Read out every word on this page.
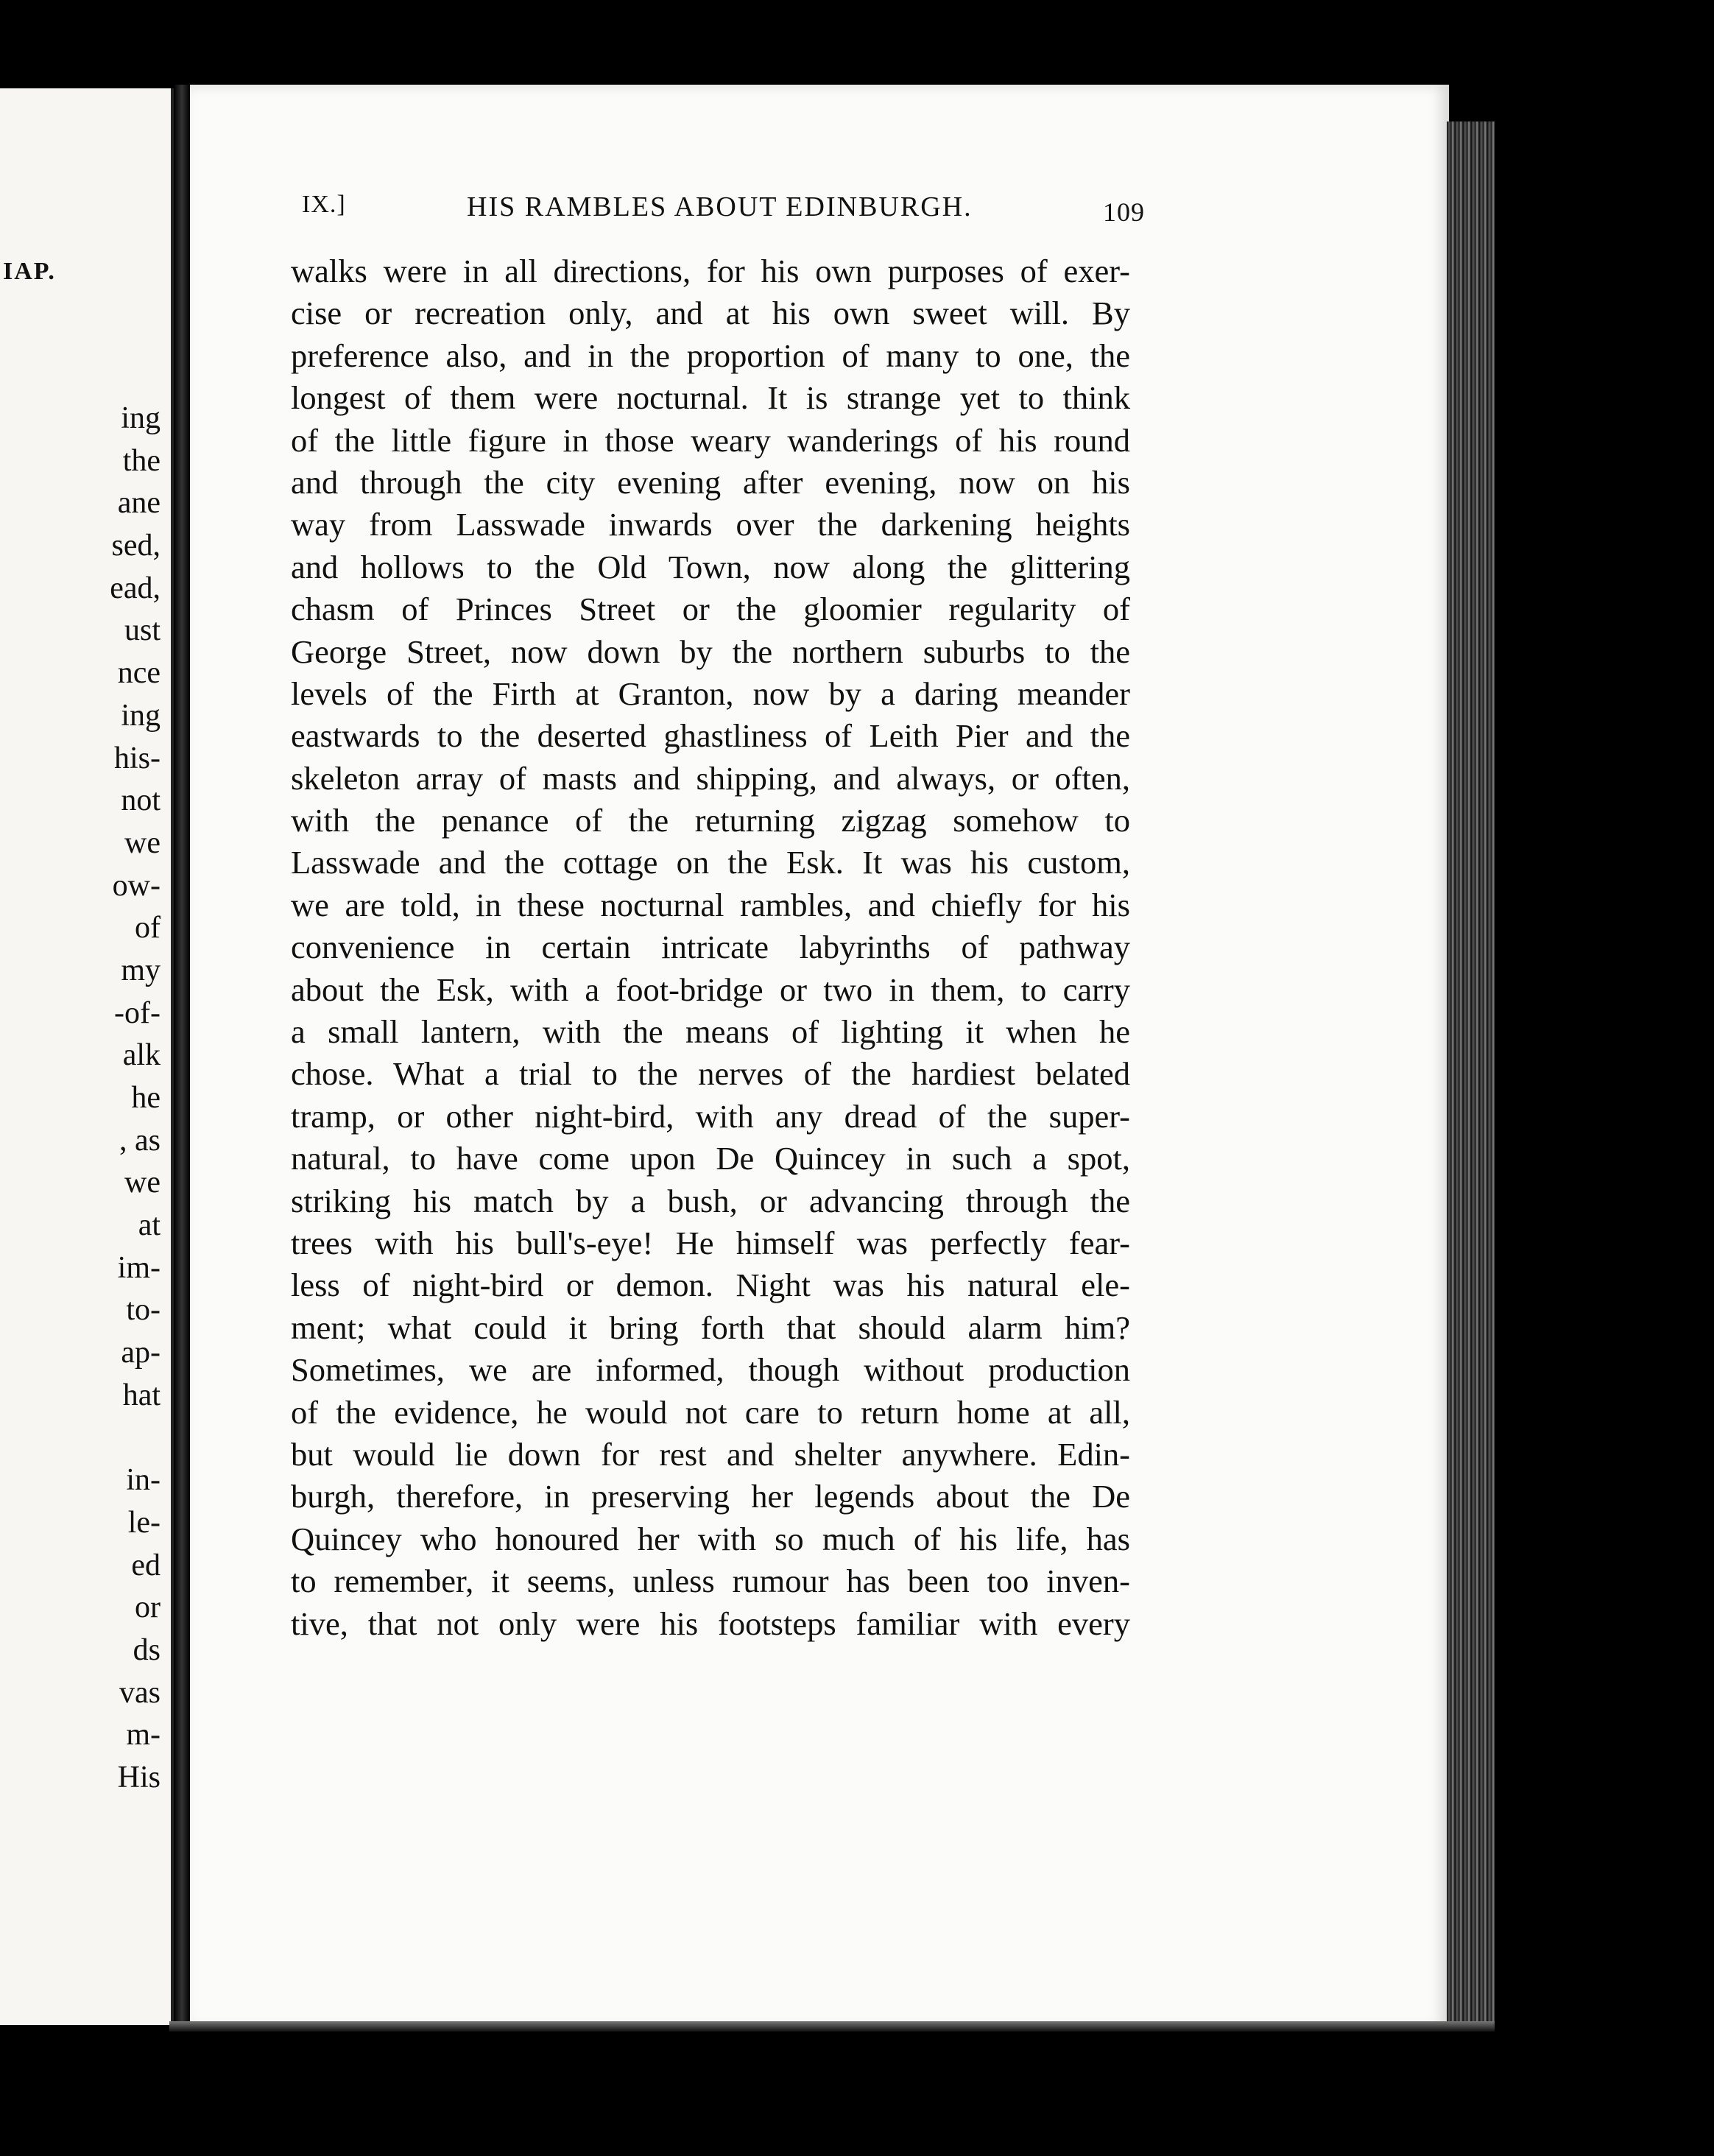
IAP.
ing
the
ane
sed,
ead,
ust
nce
ing
his-
not
we
ow-
of
my
-of-
alk
he
, as
we
at
im-
to-
ap-
hat
in-
le-
ed
or
ds
vas
m-
His
IX.]	HIS RAMBLES ABOUT EDINBURGH.	109
walks were in all directions, for his own purposes of exer-
cise or recreation only, and at his own sweet will. By
preference also, and in the proportion of many to one, the
longest of them were nocturnal. It is strange yet to think
of the little figure in those weary wanderings of his round
and through the city evening after evening, now on his
way from Lasswade inwards over the darkening heights
and hollows to the Old Town, now along the glittering
chasm of Princes Street or the gloomier regularity of
George Street, now down by the northern suburbs to the
levels of the Firth at Granton, now by a daring meander
eastwards to the deserted ghastliness of Leith Pier and the
skeleton array of masts and shipping, and always, or often,
with the penance of the returning zigzag somehow to
Lasswade and the cottage on the Esk. It was his custom,
we are told, in these nocturnal rambles, and chiefly for his
convenience in certain intricate labyrinths of pathway
about the Esk, with a foot-bridge or two in them, to carry
a small lantern, with the means of lighting it when he
chose. What a trial to the nerves of the hardiest belated
tramp, or other night-bird, with any dread of the super-
natural, to have come upon De Quincey in such a spot,
striking his match by a bush, or advancing through the
trees with his bull's-eye! He himself was perfectly fear-
less of night-bird or demon. Night was his natural ele-
ment; what could it bring forth that should alarm him?
Sometimes, we are informed, though without production
of the evidence, he would not care to return home at all,
but would lie down for rest and shelter anywhere. Edin-
burgh, therefore, in preserving her legends about the De
Quincey who honoured her with so much of his life, has
to remember, it seems, unless rumour has been too inven-
tive, that not only were his footsteps familiar with every
